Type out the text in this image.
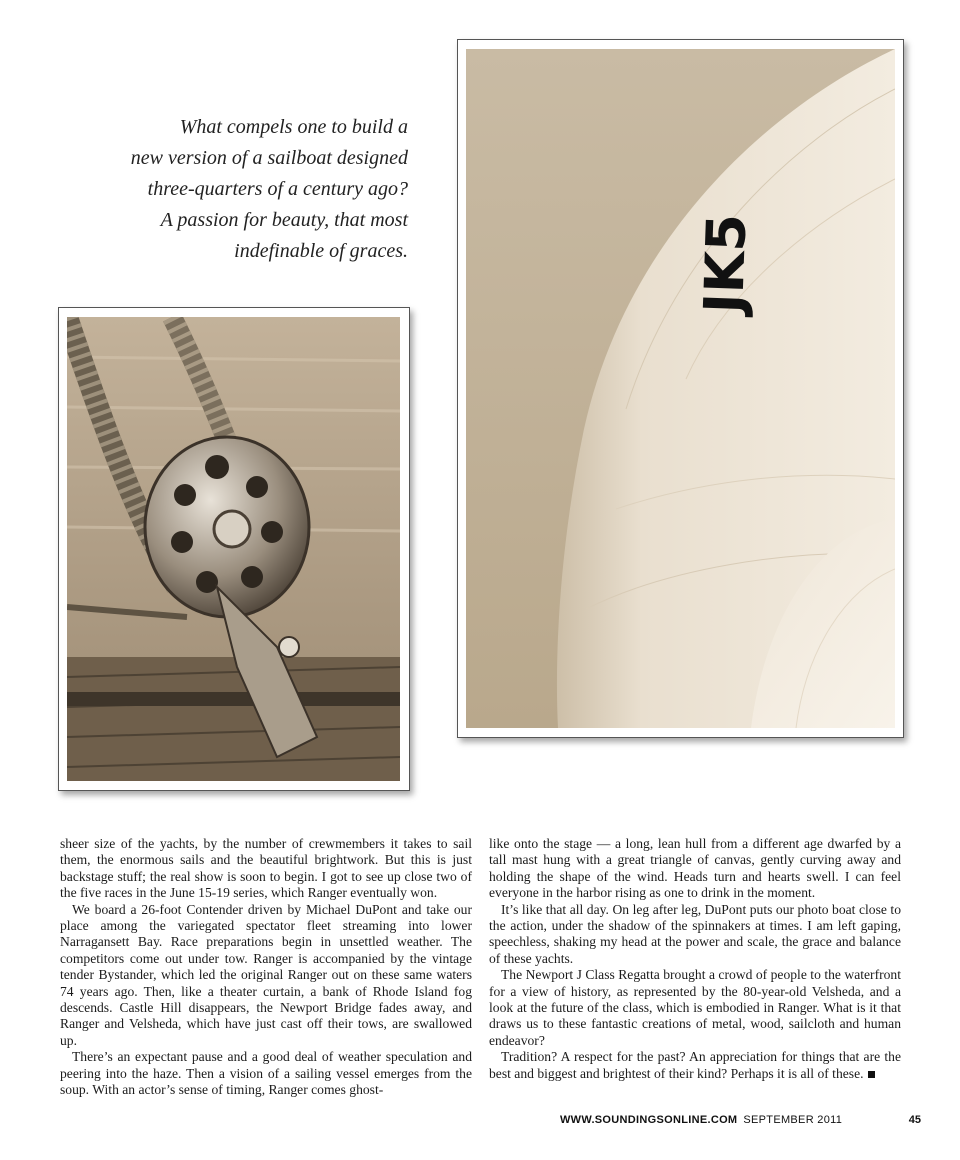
What compels one to build a
new version of a sailboat designed
three-quarters of a century ago?
A passion for beauty, that most
indefinable of graces.	JK5

sheer size of the yachts, by the number of crewmembers it takes to sail them, the enormous sails and the beautiful brightwork. But this is just backstage stuff; the real show is soon to begin. I got to see up close two of the five races in the June 15-19 series, which Ranger eventually won.

We board a 26-foot Contender driven by Michael DuPont and take our place among the variegated spectator fleet streaming into lower Narragansett Bay. Race preparations begin in unsettled weather. The competitors come out under tow. Ranger is accompanied by the vintage tender Bystander, which led the original Ranger out on these same waters 74 years ago. Then, like a theater curtain, a bank of Rhode Island fog descends. Castle Hill disappears, the Newport Bridge fades away, and Ranger and Velsheda, which have just cast off their tows, are swallowed up.

There’s an expectant pause and a good deal of weather speculation and peering into the haze. Then a vision of a sailing vessel emerges from the soup. With an actor’s sense of timing, Ranger comes ghost-

like onto the stage — a long, lean hull from a different age dwarfed by a tall mast hung with a great triangle of canvas, gently curving away and holding the shape of the wind. Heads turn and hearts swell. I can feel everyone in the harbor rising as one to drink in the moment.

It’s like that all day. On leg after leg, DuPont puts our photo boat close to the action, under the shadow of the spinnakers at times. I am left gaping, speechless, shaking my head at the power and scale, the grace and balance of these yachts.

The Newport J Class Regatta brought a crowd of people to the waterfront for a view of history, as represented by the 80-year-old Velsheda, and a look at the future of the class, which is embodied in Ranger. What is it that draws us to these fantastic creations of metal, wood, sailcloth and human endeavor?

Tradition? A respect for the past? An appreciation for things that are the best and biggest and brightest of their kind? Perhaps it is all of these.

WWW.SOUNDINGSONLINE.COM SEPTEMBER 2011	45
